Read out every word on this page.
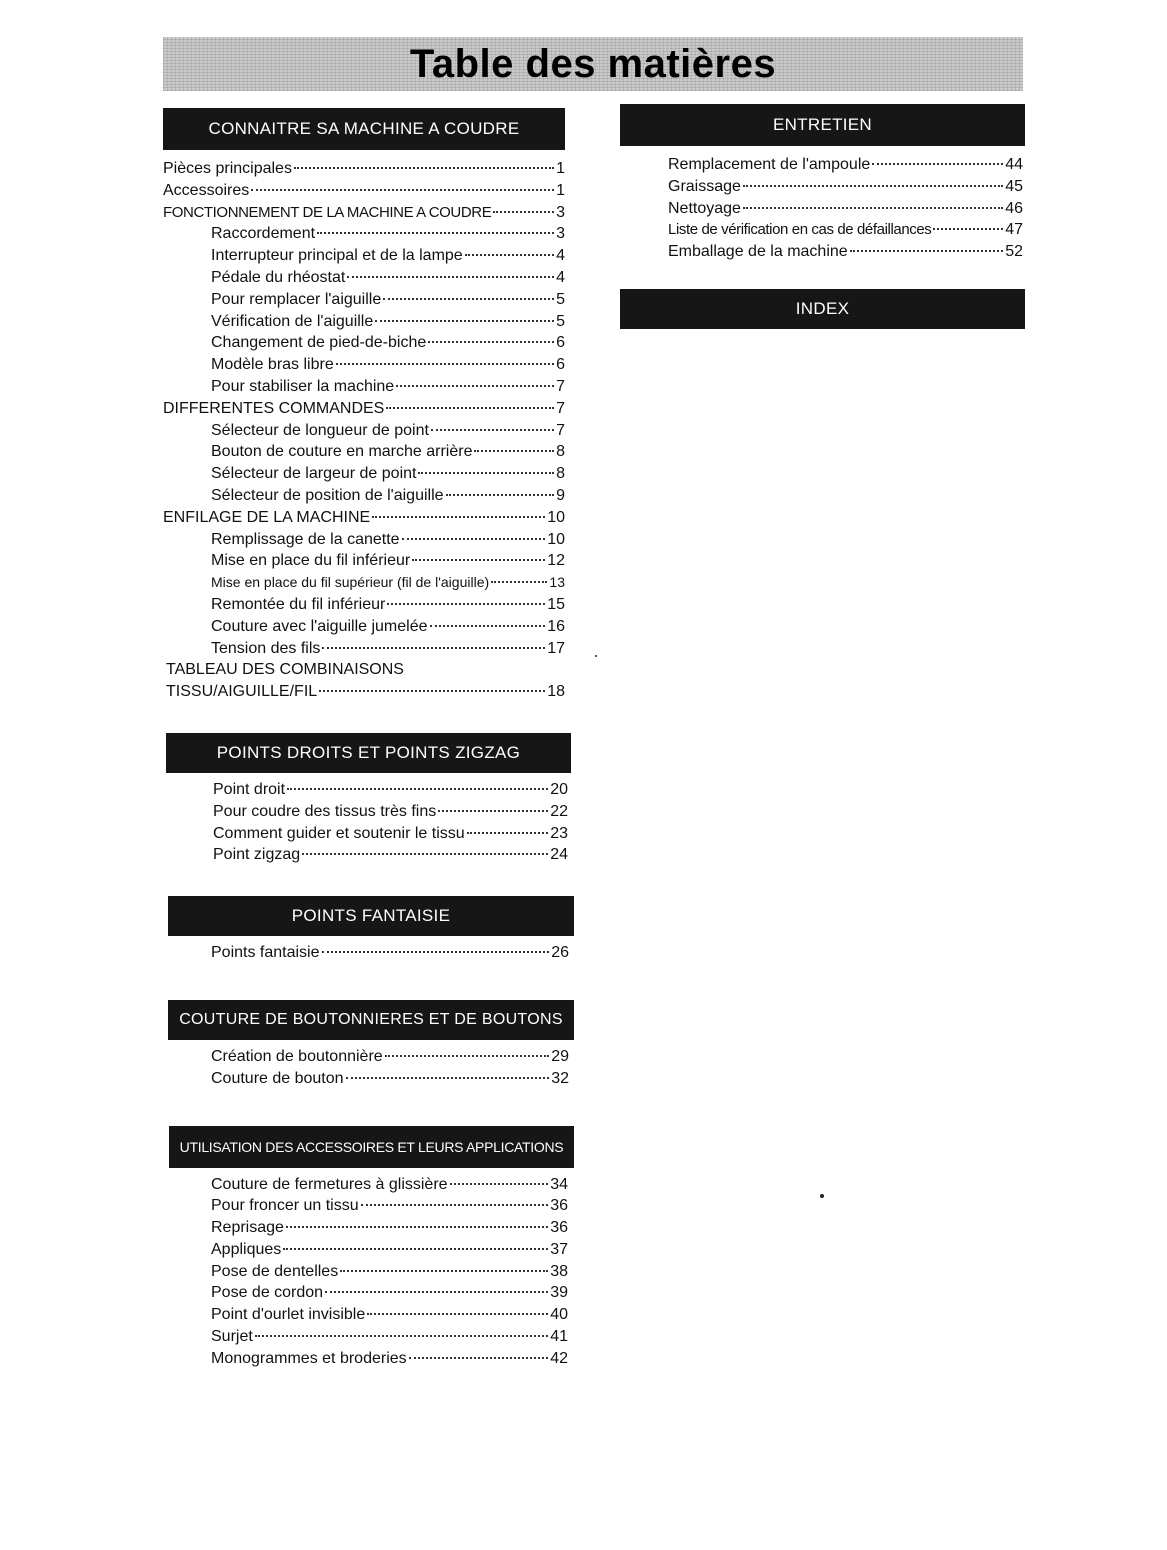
Table des matières
CONNAITRE SA MACHINE A COUDRE
Pièces principales	1
Accessoires	1
FONCTIONNEMENT DE LA MACHINE A COUDRE	3
Raccordement	3
Interrupteur principal et de la lampe	4
Pédale du rhéostat	4
Pour remplacer l'aiguille	5
Vérification de l'aiguille	5
Changement de pied-de-biche	6
Modèle bras libre	6
Pour stabiliser la machine	7
DIFFERENTES COMMANDES	7
Sélecteur de longueur de point	7
Bouton de couture en marche arrière	8
Sélecteur de largeur de point	8
Sélecteur de position de l'aiguille	9
ENFILAGE DE LA MACHINE	10
Remplissage de la canette	10
Mise en place du fil inférieur	12
Mise en place du fil supérieur (fil de l'aiguille)	13
Remontée du fil inférieur	15
Couture avec l'aiguille jumelée	16
Tension des fils	17
TABLEAU DES COMBINAISONS
TISSU/AIGUILLE/FIL	18
POINTS DROITS ET POINTS ZIGZAG
Point droit	20
Pour coudre des tissus très fins	22
Comment guider et soutenir le tissu	23
Point zigzag	24
POINTS FANTAISIE
Points fantaisie	26
COUTURE DE BOUTONNIERES ET DE BOUTONS
Création de boutonnière	29
Couture de bouton	32
UTILISATION DES ACCESSOIRES ET LEURS APPLICATIONS
Couture de fermetures à glissière	34
Pour froncer un tissu	36
Reprisage	36
Appliques	37
Pose de dentelles	38
Pose de cordon	39
Point d'ourlet invisible	40
Surjet	41
Monogrammes et broderies	42
ENTRETIEN
Remplacement de l'ampoule	44
Graissage	45
Nettoyage	46
Liste de vérification en cas de défaillances	47
Emballage de la machine	52
INDEX
